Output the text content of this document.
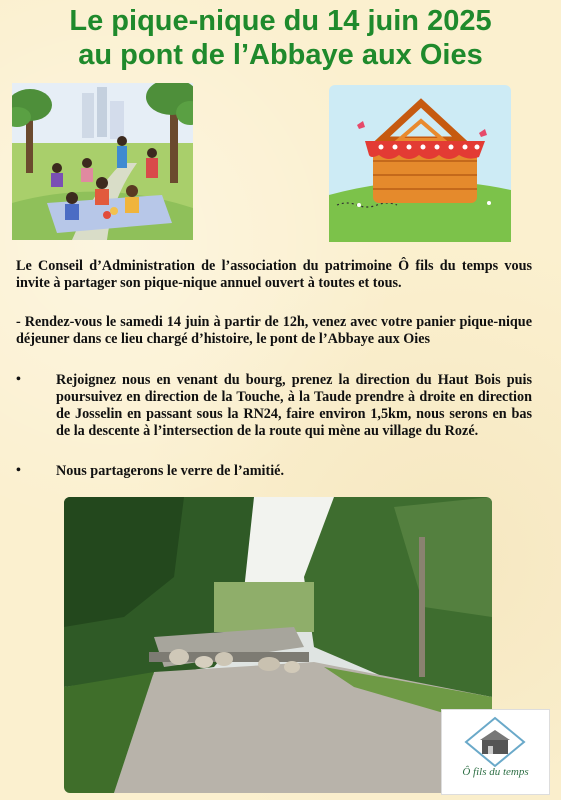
Le pique-nique du 14 juin 2025
au pont de l’Abbaye aux Oies
Le Conseil d’Administration de l’association du patrimoine Ô fils du temps vous invite à partager son pique-nique annuel ouvert à toutes et tous.
- Rendez-vous le samedi 14 juin à partir de 12h, venez avec votre panier pique-nique déjeuner dans ce lieu chargé d’histoire, le pont de l’Abbaye aux Oies
• Rejoignez nous en venant du bourg, prenez la direction du Haut Bois puis poursuivez en direction de la Touche, à la Taude prendre à droite en direction de Josselin en passant sous la RN24, faire environ 1,5km, nous serons en bas de la descente à l’intersection de la route qui mène au village du Rozé.
• Nous partagerons le verre de l’amitié.
Ô fils du temps
